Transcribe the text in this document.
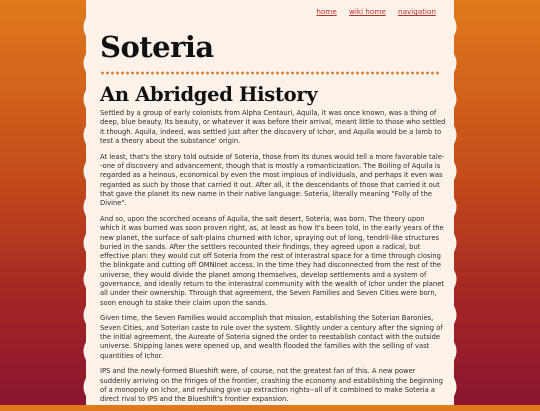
home wiki home navigation
Soteria
An Abridged History

Settled by a group of early colonists from Alpha Centauri, Aquila, it was once known, was a thing of deep, blue beauty. Its beauty, or whatever it was before their arrival, meant little to those who settled it though. Aquila, indeed, was settled just after the discovery of Ichor, and Aquila would be a lamb to test a theory about the substance' origin.

At least, that's the story told outside of Soteria, those from its dunes would tell a more favorable tale--one of discovery and advancement, though that is mostly a romanticization. The Boiling of Aquila is regarded as a heinous, economical by even the most impious of individuals, and perhaps it even was regarded as such by those that carried it out. After all, it the descendants of those that carried it out that gave the planet its new name in their native language: Soteria, literally meaning "Folly of the Divine".

And so, upon the scorched oceans of Aquila, the salt desert, Soteria, was born. The theory upon which it was burned was soon proven right, as, at least as how it's been told, in the early years of the new planet, the surface of salt-plains churned with Ichor, spraying out of long, tendril-like structures buried in the sands. After the settlers recounted their findings, they agreed upon a radical, but effective plan: they would cut off Soteria from the rest of interastral space for a time through closing the blinkgate and cutting off OMNInet access. In the time they had disconnected from the rest of the universe, they would divide the planet among themselves, develop settlements and a system of governance, and ideally return to the interastral community with the wealth of Ichor under the planet all under their ownership. Through that agreement, the Seven Families and Seven Cities were born, soon enough to stake their claim upon the sands.

Given time, the Seven Families would accomplish that mission, establishing the Soterian Baronies, Seven Cities, and Soterian caste to rule over the system. Slightly under a century after the signing of the initial agreement, the Aureate of Soteria signed the order to reestablish contact with the outside universe. Shipping lanes were opened up, and wealth flooded the families with the selling of vast quantities of Ichor.

IPS and the newly-formed Blueshift were, of course, not the greatest fan of this. A new power suddenly arriving on the fringes of the frontier, crashing the economy and establishing the beginning of a monopoly on Ichor, and refusing give up extraction rights--all of it combined to make Soteria a direct rival to IPS and the Blueshift's frontier expansion.
